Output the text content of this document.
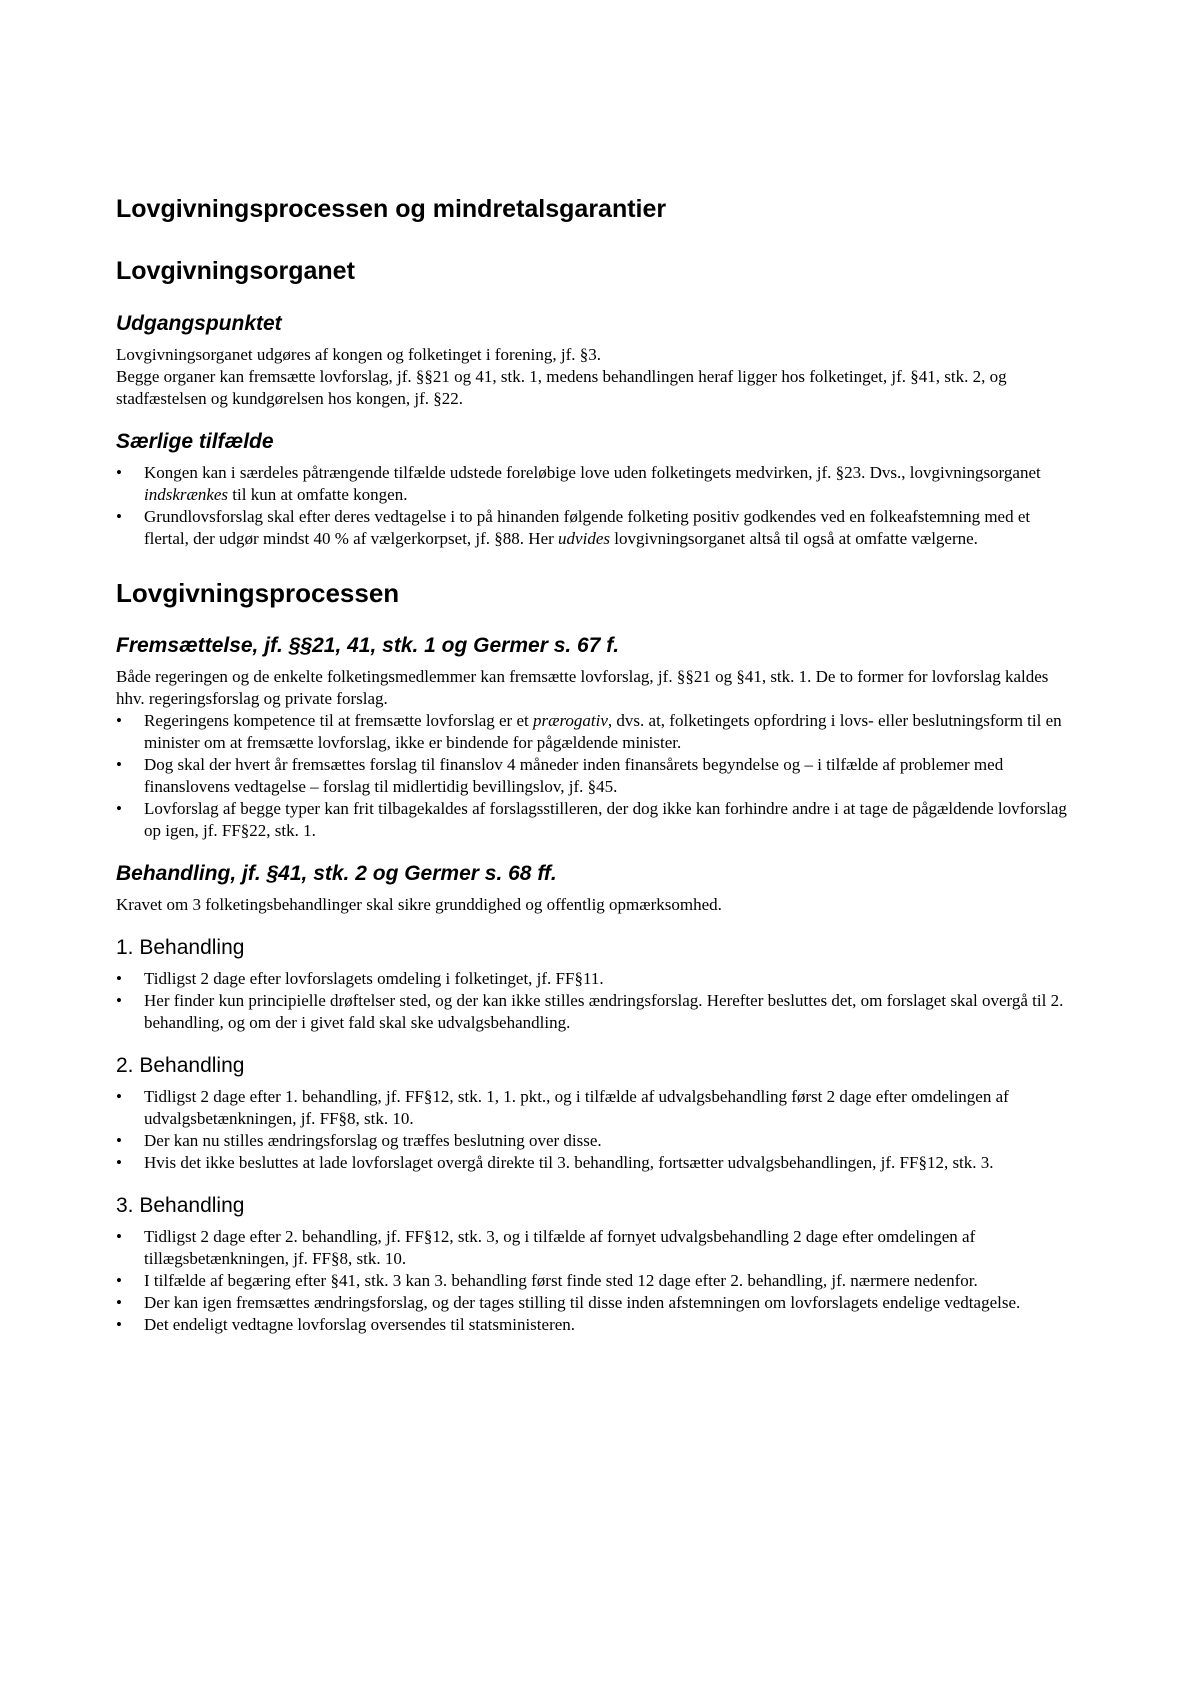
Lovgivningsprocessen og mindretalsgarantier
Lovgivningsorganet
Udgangspunktet

Lovgivningsorganet udgøres af kongen og folketinget i forening, jf. §3.

Begge organer kan fremsætte lovforslag, jf. §§21 og 41, stk. 1, medens behandlingen heraf ligger hos folketinget, jf. §41, stk. 2, og stadfæstelsen og kundgørelsen hos kongen, jf. §22.

Særlige tilfælde
•	Kongen kan i særdeles påtrængende tilfælde udstede foreløbige love uden folketingets medvirken, jf. §23. Dvs., lovgivningsorganet indskrænkes til kun at omfatte kongen.
•	Grundlovsforslag skal efter deres vedtagelse i to på hinanden følgende folketing positiv godkendes ved en folkeafstemning med et flertal, der udgør mindst 40 % af vælgerkorpset, jf. §88. Her udvides lovgivningsorganet altså til også at omfatte vælgerne.
Lovgivningsprocessen
Fremsættelse, jf. §§21, 41, stk. 1 og Germer s. 67 f.

Både regeringen og de enkelte folketingsmedlemmer kan fremsætte lovforslag, jf. §§21 og §41, stk. 1. De to former for lovforslag kaldes hhv. regeringsforslag og private forslag.

•	Regeringens kompetence til at fremsætte lovforslag er et prærogativ, dvs. at, folketingets opfordring i lovs- eller beslutningsform til en minister om at fremsætte lovforslag, ikke er bindende for pågældende minister.
•	Dog skal der hvert år fremsættes forslag til finanslov 4 måneder inden finansårets begyndelse og – i tilfælde af problemer med finanslovens vedtagelse – forslag til midlertidig bevillingslov, jf. §45.
•	Lovforslag af begge typer kan frit tilbagekaldes af forslagsstilleren, der dog ikke kan forhindre andre i at tage de pågældende lovforslag op igen, jf. FF§22, stk. 1.
Behandling, jf. §41, stk. 2 og Germer s. 68 ff.

Kravet om 3 folketingsbehandlinger skal sikre grunddighed og offentlig opmærksomhed.

1. Behandling
•	Tidligst 2 dage efter lovforslagets omdeling i folketinget, jf. FF§11.
•	Her finder kun principielle drøftelser sted, og der kan ikke stilles ændringsforslag. Herefter besluttes det, om forslaget skal overgå til 2. behandling, og om der i givet fald skal ske udvalgsbehandling.
2. Behandling
•	Tidligst 2 dage efter 1. behandling, jf. FF§12, stk. 1, 1. pkt., og i tilfælde af udvalgsbehandling først 2 dage efter omdelingen af udvalgsbetænkningen, jf. FF§8, stk. 10.
•	Der kan nu stilles ændringsforslag og træffes beslutning over disse.
•	Hvis det ikke besluttes at lade lovforslaget overgå direkte til 3. behandling, fortsætter udvalgsbehandlingen, jf. FF§12, stk. 3.
3. Behandling
•	Tidligst 2 dage efter 2. behandling, jf. FF§12, stk. 3, og i tilfælde af fornyet udvalgsbehandling 2 dage efter omdelingen af tillægsbetænkningen, jf. FF§8, stk. 10.
•	I tilfælde af begæring efter §41, stk. 3 kan 3. behandling først finde sted 12 dage efter 2. behandling, jf. nærmere nedenfor.
•	Der kan igen fremsættes ændringsforslag, og der tages stilling til disse inden afstemningen om lovforslagets endelige vedtagelse.
•	Det endeligt vedtagne lovforslag oversendes til statsministeren.
